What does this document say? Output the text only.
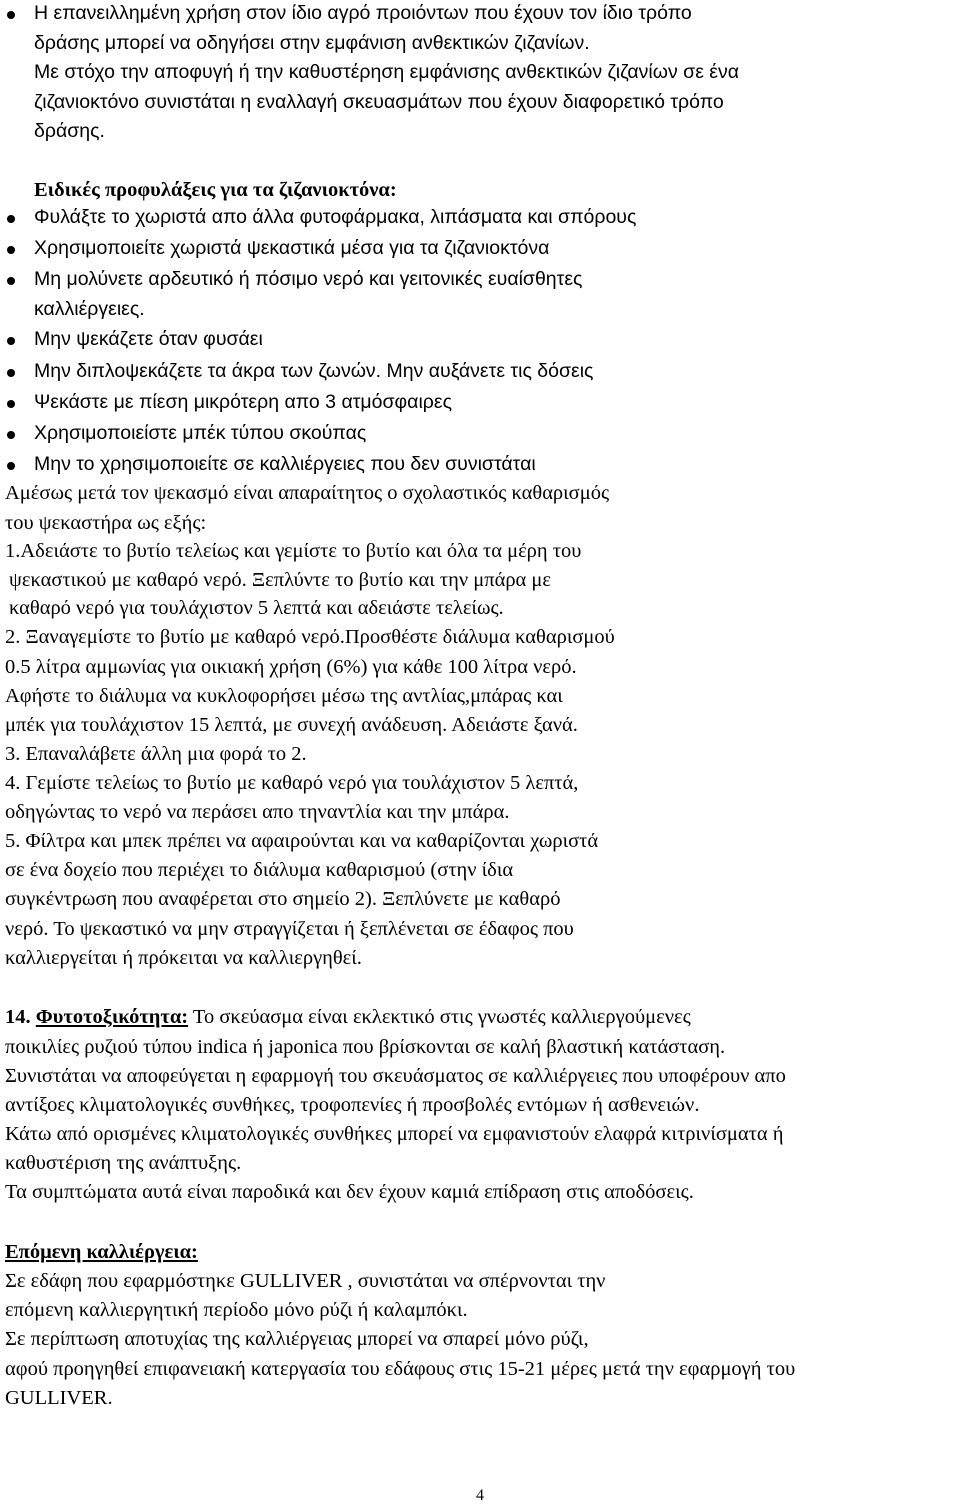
Η επανειλλημένη χρήση στον ίδιο αγρό προιόντων που έχουν τον ίδιο τρόπο
δράσης μπορεί να οδηγήσει στην εμφάνιση ανθεκτικών ζιζανίων.
Με στόχο την αποφυγή ή την καθυστέρηση εμφάνισης ανθεκτικών ζιζανίων σε ένα
ζιζανιοκτόνο συνιστάται η εναλλαγή σκευασμάτων που έχουν διαφορετικό τρόπο
δράσης.
Ειδικές προφυλάξεις για τα ζιζανιοκτόνα:
Φυλάξτε το χωριστά απο άλλα φυτοφάρμακα, λιπάσματα και σπόρους
Χρησιμοποιείτε χωριστά ψεκαστικά μέσα για τα ζιζανιοκτόνα
Μη μολύνετε αρδευτικό ή πόσιμο νερό και γειτονικές ευαίσθητες
καλλιέργειες.
Μην ψεκάζετε όταν φυσάει
Μην διπλοψεκάζετε τα άκρα των ζωνών. Μην αυξάνετε τις δόσεις
Ψεκάστε με πίεση μικρότερη απο 3 ατμόσφαιρες
Χρησιμοποιείστε μπέκ τύπου σκούπας
Μην το χρησιμοποιείτε σε καλλιέργειες που δεν συνιστάται
Αμέσως μετά τον ψεκασμό είναι απαραίτητος ο σχολαστικός καθαρισμός
του ψεκαστήρα ως εξής:
1.Αδειάστε το βυτίο τελείως και γεμίστε το βυτίο και όλα τα μέρη του
ψεκαστικού με καθαρό νερό. Ξεπλύντε το βυτίο και την μπάρα με
καθαρό νερό για τουλάχιστον 5 λεπτά και αδειάστε τελείως.
2. Ξαναγεμίστε το βυτίο με καθαρό νερό.Προσθέστε διάλυμα καθαρισμού
0.5 λίτρα αμμωνίας για οικιακή χρήση (6%) για κάθε 100 λίτρα νερό.
Αφήστε το διάλυμα να κυκλοφορήσει μέσω της αντλίας,μπάρας και
μπέκ για τουλάχιστον 15 λεπτά, με συνεχή ανάδευση. Αδειάστε ξανά.
3. Επαναλάβετε άλλη μια φορά το 2.
4. Γεμίστε τελείως το βυτίο με καθαρό νερό για τουλάχιστον 5 λεπτά,
οδηγώντας το νερό να περάσει απο τηναντλία και την μπάρα.
5. Φίλτρα και μπεκ πρέπει να αφαιρούνται και να καθαρίζονται χωριστά
σε ένα δοχείο που περιέχει το διάλυμα καθαρισμού (στην ίδια
συγκέντρωση που αναφέρεται στο σημείο 2). Ξεπλύνετε με καθαρό
νερό. Το ψεκαστικό να μην στραγγίζεται ή ξεπλένεται σε έδαφος που
καλλιεργείται ή πρόκειται να καλλιεργηθεί.
14. Φυτοτοξικότητα: Το σκεύασμα είναι εκλεκτικό στις γνωστές καλλιεργούμενες
ποικιλίες ρυζιού τύπου indica ή japonica που βρίσκονται σε καλή βλαστική κατάσταση.
Συνιστάται να αποφεύγεται η εφαρμογή του σκευάσματος σε καλλιέργειες που υποφέρουν απο
αντίξοες κλιματολογικές συνθήκες, τροφοπενίες ή προσβολές εντόμων ή ασθενειών.
Κάτω από ορισμένες κλιματολογικές συνθήκες μπορεί να εμφανιστούν ελαφρά κιτρινίσματα ή
καθυστέριση της ανάπτυξης.
Τα συμπτώματα αυτά είναι παροδικά και δεν έχουν καμιά επίδραση στις αποδόσεις.
Επόμενη καλλιέργεια:
Σε εδάφη που εφαρμόστηκε GULLIVER , συνιστάται να σπέρνονται την
επόμενη καλλιεργητική περίοδο μόνο ρύζι ή καλαμπόκι.
Σε περίπτωση αποτυχίας της καλλιέργειας μπορεί να σπαρεί μόνο ρύζι,
αφού προηγηθεί επιφανειακή κατεργασία του εδάφους στις 15-21 μέρες μετά την εφαρμογή του
GULLIVER.
4
